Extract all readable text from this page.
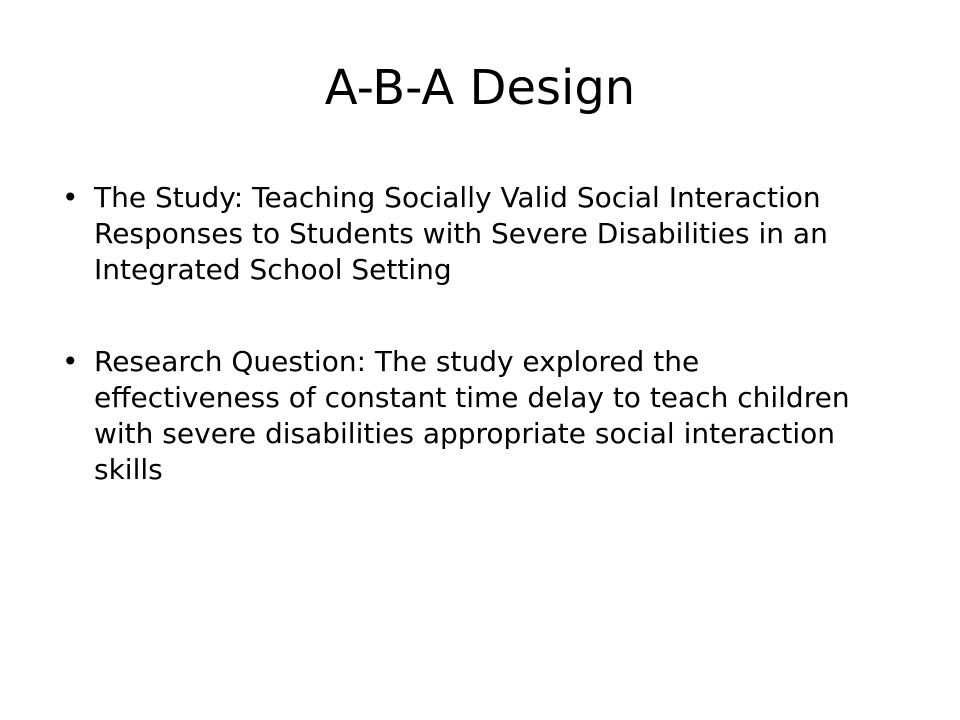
A-B-A Design
• The Study: Teaching Socially Valid Social Interaction Responses to Students with Severe Disabilities in an Integrated School Setting
• Research Question: The study explored the effectiveness of constant time delay to teach children with severe disabilities appropriate social interaction skills
